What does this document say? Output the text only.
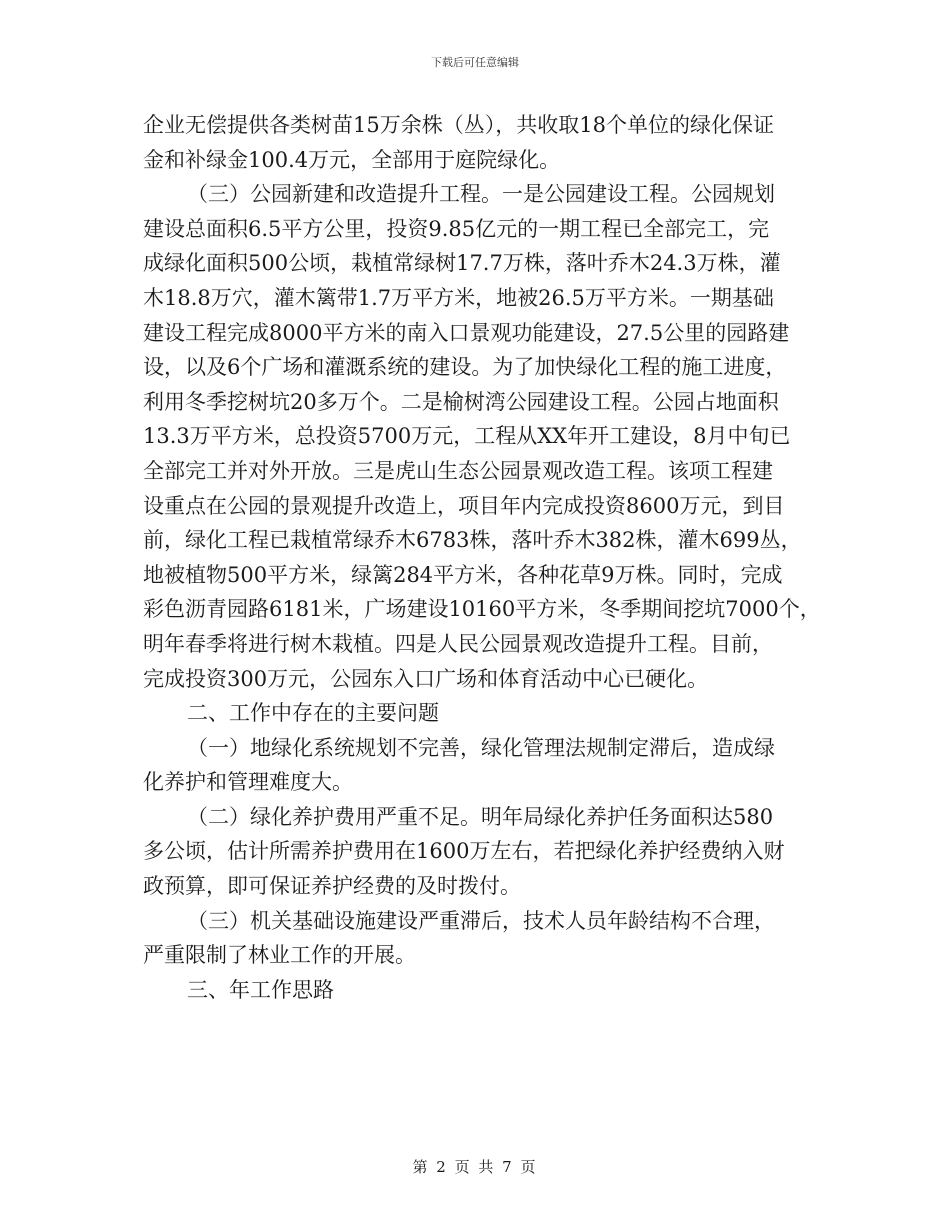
下载后可任意编辑
企业无偿提供各类树苗15万余株（丛），共收取18个单位的绿化保证
金和补绿金100.4万元，全部用于庭院绿化。
（三）公园新建和改造提升工程。一是公园建设工程。公园规划
建设总面积6.5平方公里，投资9.85亿元的一期工程已全部完工，完
成绿化面积500公顷，栽植常绿树17.7万株，落叶乔木24.3万株，灌
木18.8万穴，灌木篱带1.7万平方米，地被26.5万平方米。一期基础
建设工程完成8000平方米的南入口景观功能建设，27.5公里的园路建
设，以及6个广场和灌溉系统的建设。为了加快绿化工程的施工进度，
利用冬季挖树坑20多万个。二是榆树湾公园建设工程。公园占地面积
13.3万平方米，总投资5700万元，工程从XX年开工建设，8月中旬已
全部完工并对外开放。三是虎山生态公园景观改造工程。该项工程建
设重点在公园的景观提升改造上，项目年内完成投资8600万元，到目
前，绿化工程已栽植常绿乔木6783株，落叶乔木382株，灌木699丛，
地被植物500平方米，绿篱284平方米，各种花草9万株。同时，完成
彩色沥青园路6181米，广场建设10160平方米，冬季期间挖坑7000个，
明年春季将进行树木栽植。四是人民公园景观改造提升工程。目前，
完成投资300万元，公园东入口广场和体育活动中心已硬化。
二、工作中存在的主要问题
（一）地绿化系统规划不完善，绿化管理法规制定滞后，造成绿
化养护和管理难度大。
（二）绿化养护费用严重不足。明年局绿化养护任务面积达580
多公顷，估计所需养护费用在1600万左右，若把绿化养护经费纳入财
政预算，即可保证养护经费的及时拨付。
（三）机关基础设施建设严重滞后，技术人员年龄结构不合理，
严重限制了林业工作的开展。
三、年工作思路
第 2 页 共 7 页
